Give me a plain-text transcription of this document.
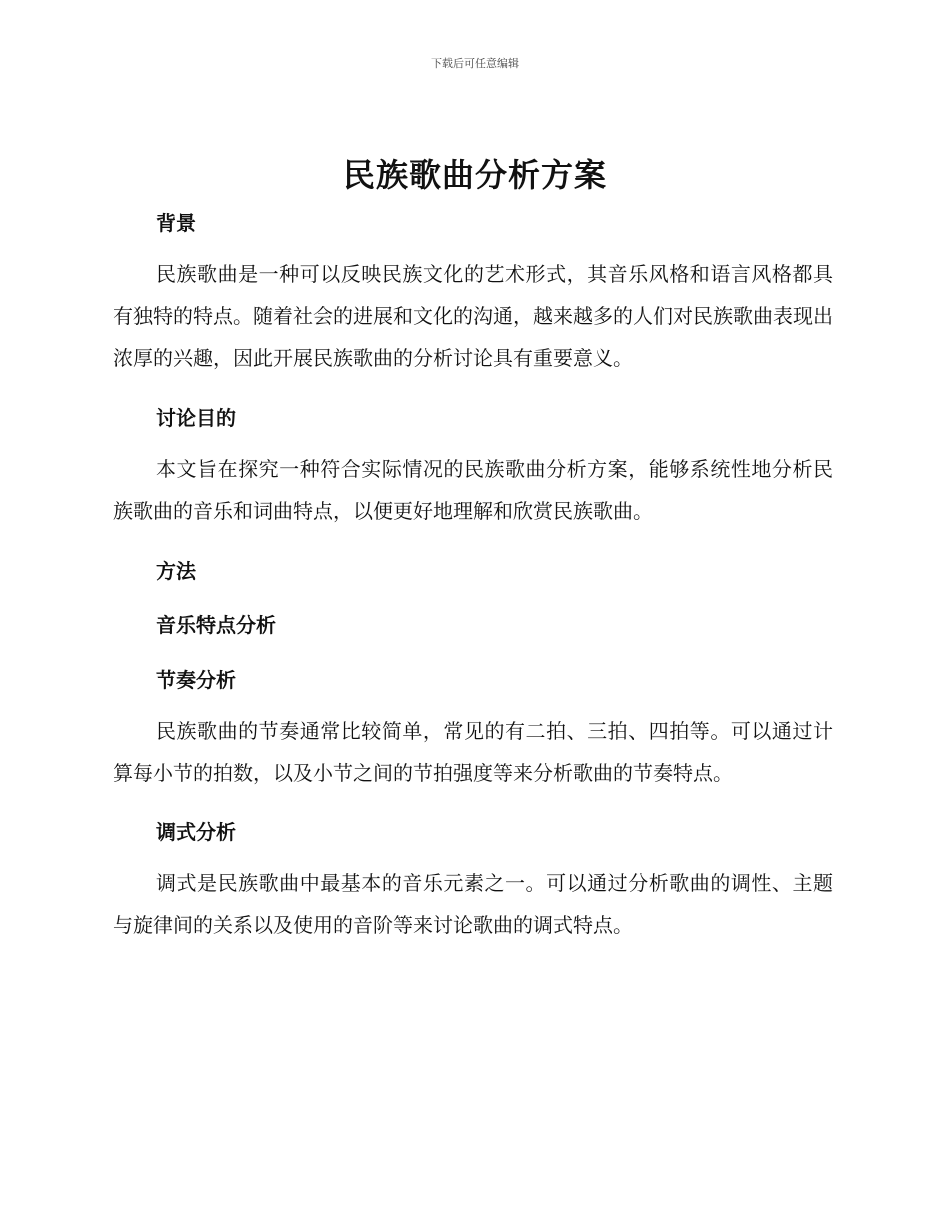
下载后可任意编辑
民族歌曲分析方案
背景

民族歌曲是一种可以反映民族文化的艺术形式，其音乐风格和语言风格都具有独特的特点。随着社会的进展和文化的沟通，越来越多的人们对民族歌曲表现出浓厚的兴趣，因此开展民族歌曲的分析讨论具有重要意义。

讨论目的

本文旨在探究一种符合实际情况的民族歌曲分析方案，能够系统性地分析民族歌曲的音乐和词曲特点，以便更好地理解和欣赏民族歌曲。

方法
音乐特点分析
节奏分析

民族歌曲的节奏通常比较简单，常见的有二拍、三拍、四拍等。可以通过计算每小节的拍数，以及小节之间的节拍强度等来分析歌曲的节奏特点。

调式分析

调式是民族歌曲中最基本的音乐元素之一。可以通过分析歌曲的调性、主题与旋律间的关系以及使用的音阶等来讨论歌曲的调式特点。
